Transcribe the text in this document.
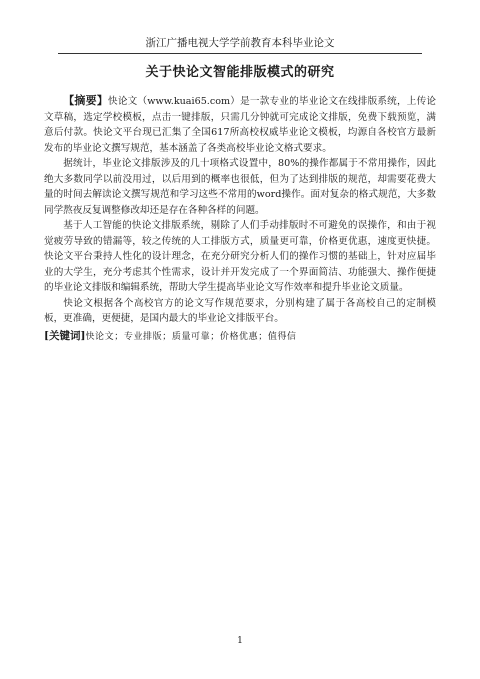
浙江广播电视大学学前教育本科毕业论文
关于快论文智能排版模式的研究

【摘要】快论文（www.kuai65.com）是一款专业的毕业论文在线排版系统，上传论文草稿，选定学校模板，点击一键排版，只需几分钟就可完成论文排版，免费下载预览，满意后付款。快论文平台现已汇集了全国617所高校权威毕业论文模板，均源自各校官方最新发布的毕业论文撰写规范，基本涵盖了各类高校毕业论文格式要求。

据统计，毕业论文排版涉及的几十项格式设置中，80%的操作都属于不常用操作，因此绝大多数同学以前没用过，以后用到的概率也很低，但为了达到排版的规范，却需要花费大量的时间去解读论文撰写规范和学习这些不常用的word操作。面对复杂的格式规范，大多数同学熬夜反复调整修改却还是存在各种各样的问题。

基于人工智能的快论文排版系统，剔除了人们手动排版时不可避免的误操作，和由于视觉疲劳导致的错漏等，较之传统的人工排版方式，质量更可靠，价格更优惠，速度更快捷。快论文平台秉持人性化的设计理念，在充分研究分析人们的操作习惯的基础上，针对应届毕业的大学生，充分考虑其个性需求，设计并开发完成了一个界面简洁、功能强大、操作便捷的毕业论文排版和编辑系统，帮助大学生提高毕业论文写作效率和提升毕业论文质量。

快论文根据各个高校官方的论文写作规范要求，分别构建了属于各高校自己的定制模板，更准确，更便捷，是国内最大的毕业论文排版平台。

[关键词]快论文；专业排版；质量可靠；价格优惠；值得信
1
